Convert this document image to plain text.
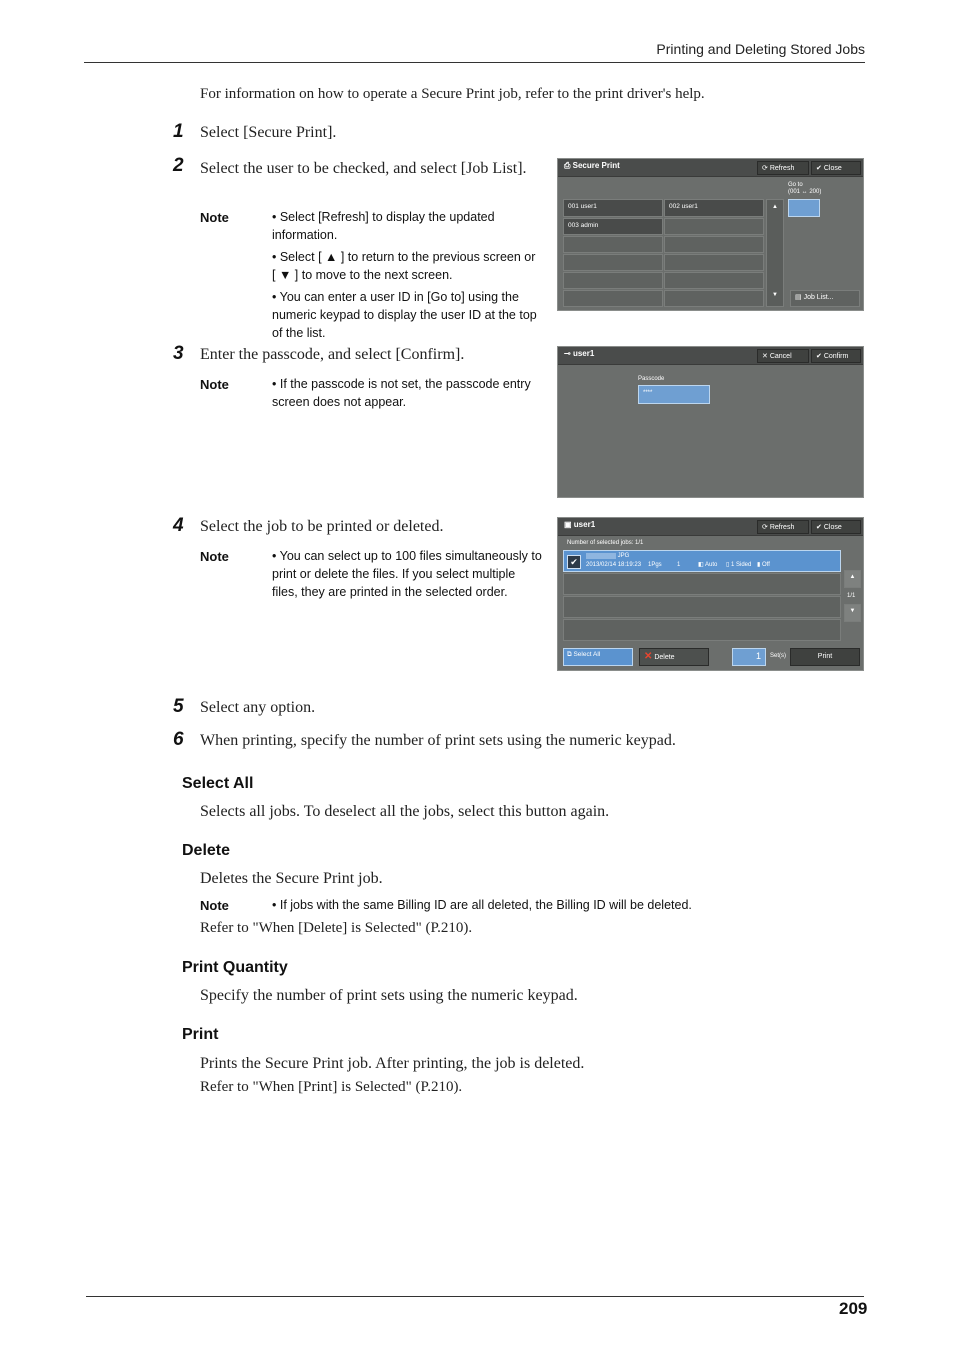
Printing and Deleting Stored Jobs
For information on how to operate a Secure Print job, refer to the print driver's help.
1 Select [Secure Print].
2 Select the user to be checked, and select [Job List].
Note	• Select [Refresh] to display the updated information.
• Select [ ▲ ] to return to the previous screen or [ ▼ ] to move to the next screen.
• You can enter a user ID in [Go to] using the numeric keypad to display the user ID at the top of the list.
⎙ Secure Print	⟳ Refresh	✔ Close
001 user1	002 user1
003 admin
▲
▼
Go to
(001 ↔ 200)
▤ Job List...
3 Enter the passcode, and select [Confirm].
Note	• If the passcode is not set, the passcode entry screen does not appear.
⊸ user1	✕ Cancel	✔ Confirm
Passcode
****
4 Select the job to be printed or deleted.
Note	• You can select up to 100 files simultaneously to print or delete the files. If you select multiple files, they are printed in the selected order.
▣ user1	⟳ Refresh	✔ Close
Number of selected jobs: 1/1
✔
xxxxxxxxxx JPG
2013/02/14 18:19:23 1Pgs	1	◧ Auto ▯ 1 Sided ▮ Off
▲
1/1
▼
⧉ Select All	✕ Delete	1	Set(s)	Print
5 Select any option.
6 When printing, specify the number of print sets using the numeric keypad.
Select All
Selects all jobs. To deselect all the jobs, select this button again.
Delete
Deletes the Secure Print job.
Note	• If jobs with the same Billing ID are all deleted, the Billing ID will be deleted.
Refer to "When [Delete] is Selected" (P.210).
Print Quantity
Specify the number of print sets using the numeric keypad.
Print
Prints the Secure Print job. After printing, the job is deleted.
Refer to "When [Print] is Selected" (P.210).
209
